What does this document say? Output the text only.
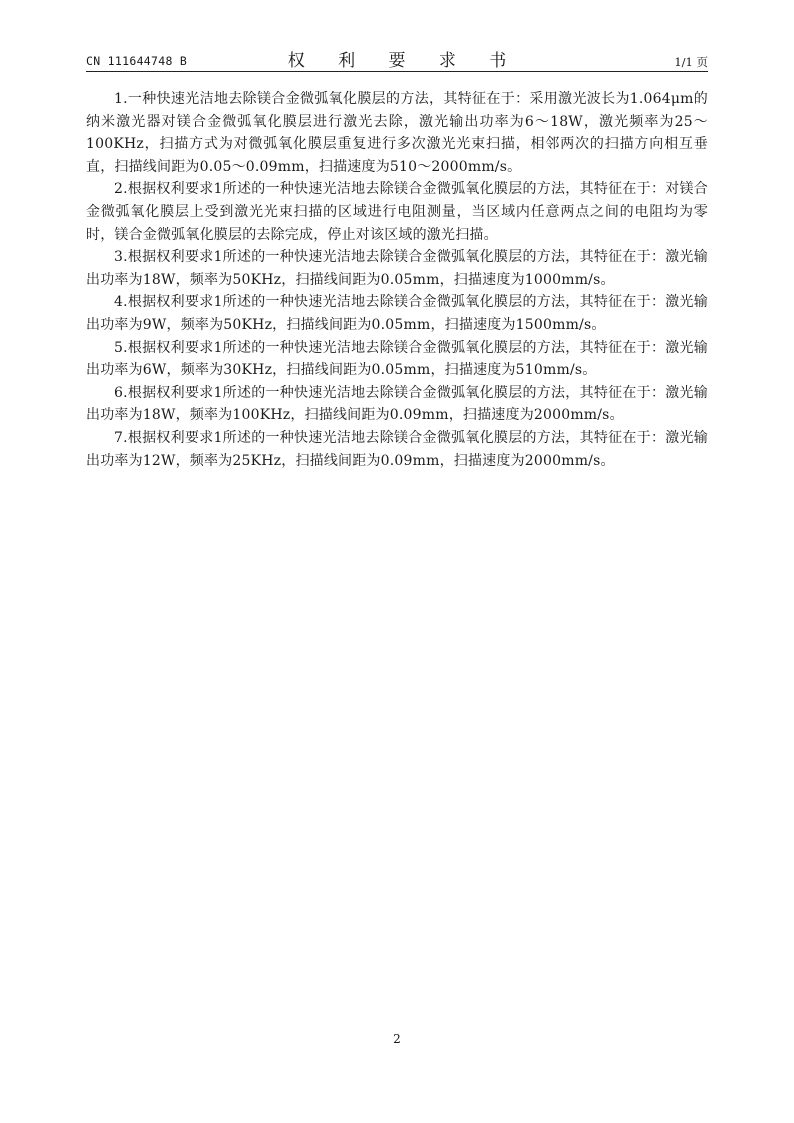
CN 111644748 B	权 利 要 求 书	1/1 页

1.一种快速光洁地去除镁合金微弧氧化膜层的方法，其特征在于：采用激光波长为1.064μm的纳米激光器对镁合金微弧氧化膜层进行激光去除，激光输出功率为6～18W，激光频率为25～100KHz，扫描方式为对微弧氧化膜层重复进行多次激光光束扫描，相邻两次的扫描方向相互垂直，扫描线间距为0.05～0.09mm，扫描速度为510～2000mm/s。

2.根据权利要求1所述的一种快速光洁地去除镁合金微弧氧化膜层的方法，其特征在于：对镁合金微弧氧化膜层上受到激光光束扫描的区域进行电阻测量，当区域内任意两点之间的电阻均为零时，镁合金微弧氧化膜层的去除完成，停止对该区域的激光扫描。

3.根据权利要求1所述的一种快速光洁地去除镁合金微弧氧化膜层的方法，其特征在于：激光输出功率为18W，频率为50KHz，扫描线间距为0.05mm，扫描速度为1000mm/s。

4.根据权利要求1所述的一种快速光洁地去除镁合金微弧氧化膜层的方法，其特征在于：激光输出功率为9W，频率为50KHz，扫描线间距为0.05mm，扫描速度为1500mm/s。

5.根据权利要求1所述的一种快速光洁地去除镁合金微弧氧化膜层的方法，其特征在于：激光输出功率为6W，频率为30KHz，扫描线间距为0.05mm，扫描速度为510mm/s。

6.根据权利要求1所述的一种快速光洁地去除镁合金微弧氧化膜层的方法，其特征在于：激光输出功率为18W，频率为100KHz，扫描线间距为0.09mm，扫描速度为2000mm/s。

7.根据权利要求1所述的一种快速光洁地去除镁合金微弧氧化膜层的方法，其特征在于：激光输出功率为12W，频率为25KHz，扫描线间距为0.09mm，扫描速度为2000mm/s。

2
